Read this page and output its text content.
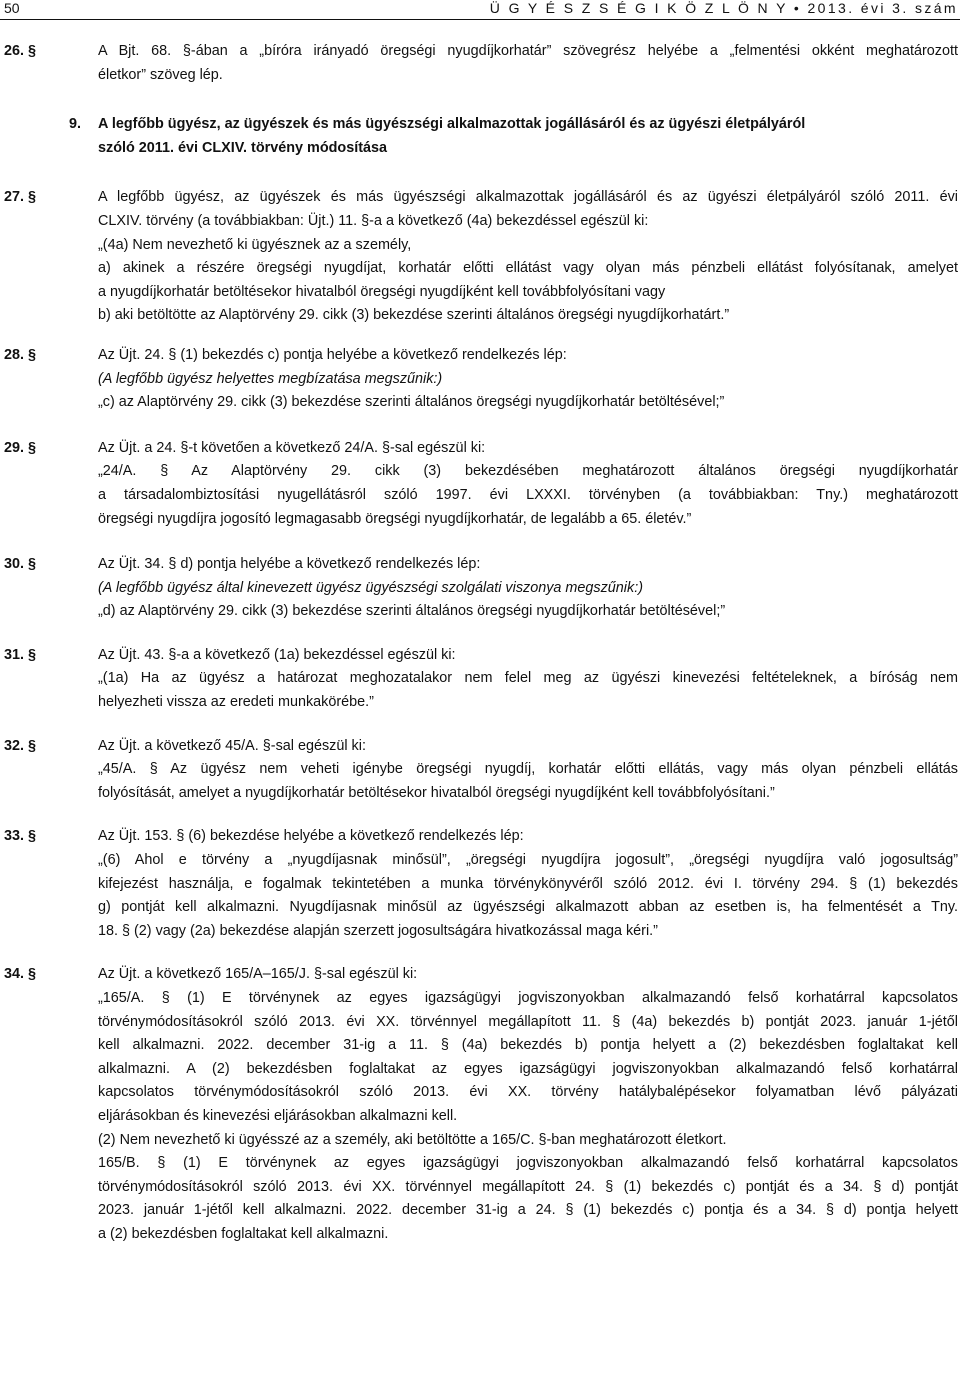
50	Ü G Y É S Z S É G I K Ö Z L Ö N Y • 2013. évi 3. szám
26. §	A Bjt. 68. §-ában a „bíróra irányadó öregségi nyugdíjkorhatár” szövegrész helyébe a „felmentési okként meghatározott
életkor” szöveg lép.
9.	A legfőbb ügyész, az ügyészek és más ügyészségi alkalmazottak jogállásáról és az ügyészi életpályáról
szóló 2011. évi CLXIV. törvény módosítása
27. §	A legfőbb ügyész, az ügyészek és más ügyészségi alkalmazottak jogállásáról és az ügyészi életpályáról szóló 2011. évi
CLXIV. törvény (a továbbiakban: Üjt.) 11. §-a a következő (4a) bekezdéssel egészül ki:
„(4a) Nem nevezhető ki ügyésznek az a személy,
a) akinek a részére öregségi nyugdíjat, korhatár előtti ellátást vagy olyan más pénzbeli ellátást folyósítanak, amelyet
a nyugdíjkorhatár betöltésekor hivatalból öregségi nyugdíjként kell továbbfolyósítani vagy
b) aki betöltötte az Alaptörvény 29. cikk (3) bekezdése szerinti általános öregségi nyugdíjkorhatárt.”
28. §	Az Üjt. 24. § (1) bekezdés c) pontja helyébe a következő rendelkezés lép:
(A legfőbb ügyész helyettes megbízatása megszűnik:)
„c) az Alaptörvény 29. cikk (3) bekezdése szerinti általános öregségi nyugdíjkorhatár betöltésével;”
29. §	Az Üjt. a 24. §-t követően a következő 24/A. §-sal egészül ki:
„24/A. § Az Alaptörvény 29. cikk (3) bekezdésében meghatározott általános öregségi nyugdíjkorhatár
a társadalombiztosítási nyugellátásról szóló 1997. évi LXXXI. törvényben (a továbbiakban: Tny.) meghatározott
öregségi nyugdíjra jogosító legmagasabb öregségi nyugdíjkorhatár, de legalább a 65. életév.”
30. §	Az Üjt. 34. § d) pontja helyébe a következő rendelkezés lép:
(A legfőbb ügyész által kinevezett ügyész ügyészségi szolgálati viszonya megszűnik:)
„d) az Alaptörvény 29. cikk (3) bekezdése szerinti általános öregségi nyugdíjkorhatár betöltésével;”
31. §	Az Üjt. 43. §-a a következő (1a) bekezdéssel egészül ki:
„(1a) Ha az ügyész a határozat meghozatalakor nem felel meg az ügyészi kinevezési feltételeknek, a bíróság nem
helyezheti vissza az eredeti munkakörébe.”
32. §	Az Üjt. a következő 45/A. §-sal egészül ki:
„45/A. § Az ügyész nem veheti igénybe öregségi nyugdíj, korhatár előtti ellátás, vagy más olyan pénzbeli ellátás
folyósítását, amelyet a nyugdíjkorhatár betöltésekor hivatalból öregségi nyugdíjként kell továbbfolyósítani.”
33. §	Az Üjt. 153. § (6) bekezdése helyébe a következő rendelkezés lép:
„(6) Ahol e törvény a „nyugdíjasnak minősül”, „öregségi nyugdíjra jogosult”, „öregségi nyugdíjra való jogosultság”
kifejezést használja, e fogalmak tekintetében a munka törvénykönyvéről szóló 2012. évi I. törvény 294. § (1) bekezdés
g) pontját kell alkalmazni. Nyugdíjasnak minősül az ügyészségi alkalmazott abban az esetben is, ha felmentését a Tny.
18. § (2) vagy (2a) bekezdése alapján szerzett jogosultságára hivatkozással maga kéri.”
34. §	Az Üjt. a következő 165/A–165/J. §-sal egészül ki:
„165/A. § (1) E törvénynek az egyes igazságügyi jogviszonyokban alkalmazandó felső korhatárral kapcsolatos
törvénymódosításokról szóló 2013. évi XX. törvénnyel megállapított 11. § (4a) bekezdés b) pontját 2023. január 1-jétől
kell alkalmazni. 2022. december 31-ig a 11. § (4a) bekezdés b) pontja helyett a (2) bekezdésben foglaltakat kell
alkalmazni. A (2) bekezdésben foglaltakat az egyes igazságügyi jogviszonyokban alkalmazandó felső korhatárral
kapcsolatos törvénymódosításokról szóló 2013. évi XX. törvény hatálybalépésekor folyamatban lévő pályázati
eljárásokban és kinevezési eljárásokban alkalmazni kell.
(2) Nem nevezhető ki ügyésszé az a személy, aki betöltötte a 165/C. §-ban meghatározott életkort.
165/B. § (1) E törvénynek az egyes igazságügyi jogviszonyokban alkalmazandó felső korhatárral kapcsolatos
törvénymódosításokról szóló 2013. évi XX. törvénnyel megállapított 24. § (1) bekezdés c) pontját és a 34. § d) pontját
2023. január 1-jétől kell alkalmazni. 2022. december 31-ig a 24. § (1) bekezdés c) pontja és a 34. § d) pontja helyett
a (2) bekezdésben foglaltakat kell alkalmazni.
